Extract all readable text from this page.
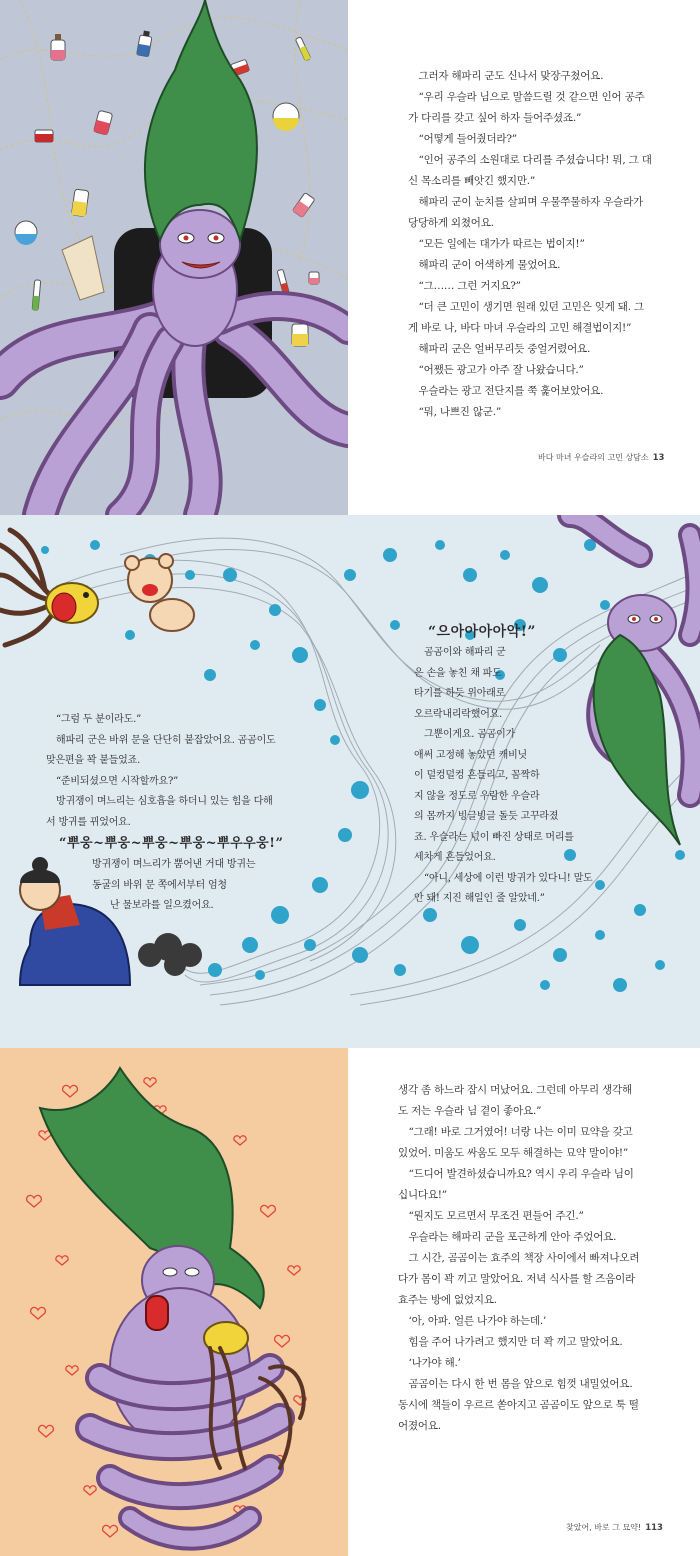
그러자 해파리 군도 신나서 맞장구쳤어요.

“우리 우슬라 님으로 말씀드릴 것 같으면 인어 공주

가 다리를 갖고 싶어 하자 들어주셨죠.”

“어떻게 들어줬더라?”

“인어 공주의 소원대로 다리를 주셨습니다! 뭐, 그 대

신 목소리를 빼앗긴 했지만.”

해파리 군이 눈치를 살피며 우물쭈물하자 우슬라가

당당하게 외쳤어요.

“모든 일에는 대가가 따르는 법이지!”

해파리 군이 어색하게 물었어요.

“그…… 그런 거지요?”

“더 큰 고민이 생기면 원래 있던 고민은 잊게 돼. 그

게 바로 나, 바다 마녀 우슬라의 고민 해결법이지!”

해파리 군은 얼버무리듯 중얼거렸어요.

“어쨌든 광고가 아주 잘 나왔습니다.”

우슬라는 광고 전단지를 쭉 훑어보았어요.

“뭐, 나쁘진 않군.”

바다 마녀 우슬라의 고민 상담소 13

“그럼 두 분이라도.”

해파리 군은 바위 문을 단단히 붙잡았어요. 곰곰이도

맞은편을 꽉 붙들었죠.

“준비되셨으면 시작할까요?”

방귀쟁이 며느리는 심호흡을 하더니 있는 힘을 다해

서 방귀를 뀌었어요.

“뿌웅~뿌웅~뿌웅~뿌웅~뿌우우웅!”

방귀쟁이 며느리가 뿜어낸 거대 방귀는

동굴의 바위 문 쪽에서부터 엄청

난 물보라를 일으켰어요.

“으아아아아악!”

곰곰이와 해파리 군

은 손을 놓친 채 파도

타기를 하듯 위아래로

오르락내리락했어요.

그뿐이게요. 곰곰이가

애써 고정해 놓았던 캐비닛

이 덜컹덜컹 흔들리고, 꼼짝하

지 않을 정도로 우람한 우슬라

의 몸까지 빙글빙글 돌듯 고꾸라졌

죠. 우슬라는 넋이 빠진 상태로 머리를

세차게 흔들었어요.

“아니, 세상에 이런 방귀가 있다니! 말도

안 돼! 지진 해일인 줄 알았네.”

생각 좀 하느라 잠시 머났어요. 그런데 아무리 생각해

도 저는 우슬라 님 곁이 좋아요.”

“그래! 바로 그거였어! 너랑 나는 이미 묘약을 갖고

있었어. 미움도 싸움도 모두 해결하는 묘약 말이야!”

“드디어 발견하셨습니까요? 역시 우리 우슬라 님이

십니다요!”

“뭔지도 모르면서 무조건 편들어 주긴.”

우슬라는 해파리 군을 포근하게 안아 주었어요.

그 시간, 곰곰이는 효주의 책장 사이에서 빠져나오려

다가 몸이 꽉 끼고 말았어요. 저녁 식사를 할 즈음이라

효주는 방에 없었지요.

‘아, 아파. 얼른 나가야 하는데.’

힘을 주어 나가려고 했지만 더 꽉 끼고 말았어요.

‘나가야 해.’

곰곰이는 다시 한 번 몸을 앞으로 힘껏 내밀었어요.

동시에 책들이 우르르 쏟아지고 곰곰이도 앞으로 툭 떨

어졌어요.

찾았어, 바로 그 묘약! 113
